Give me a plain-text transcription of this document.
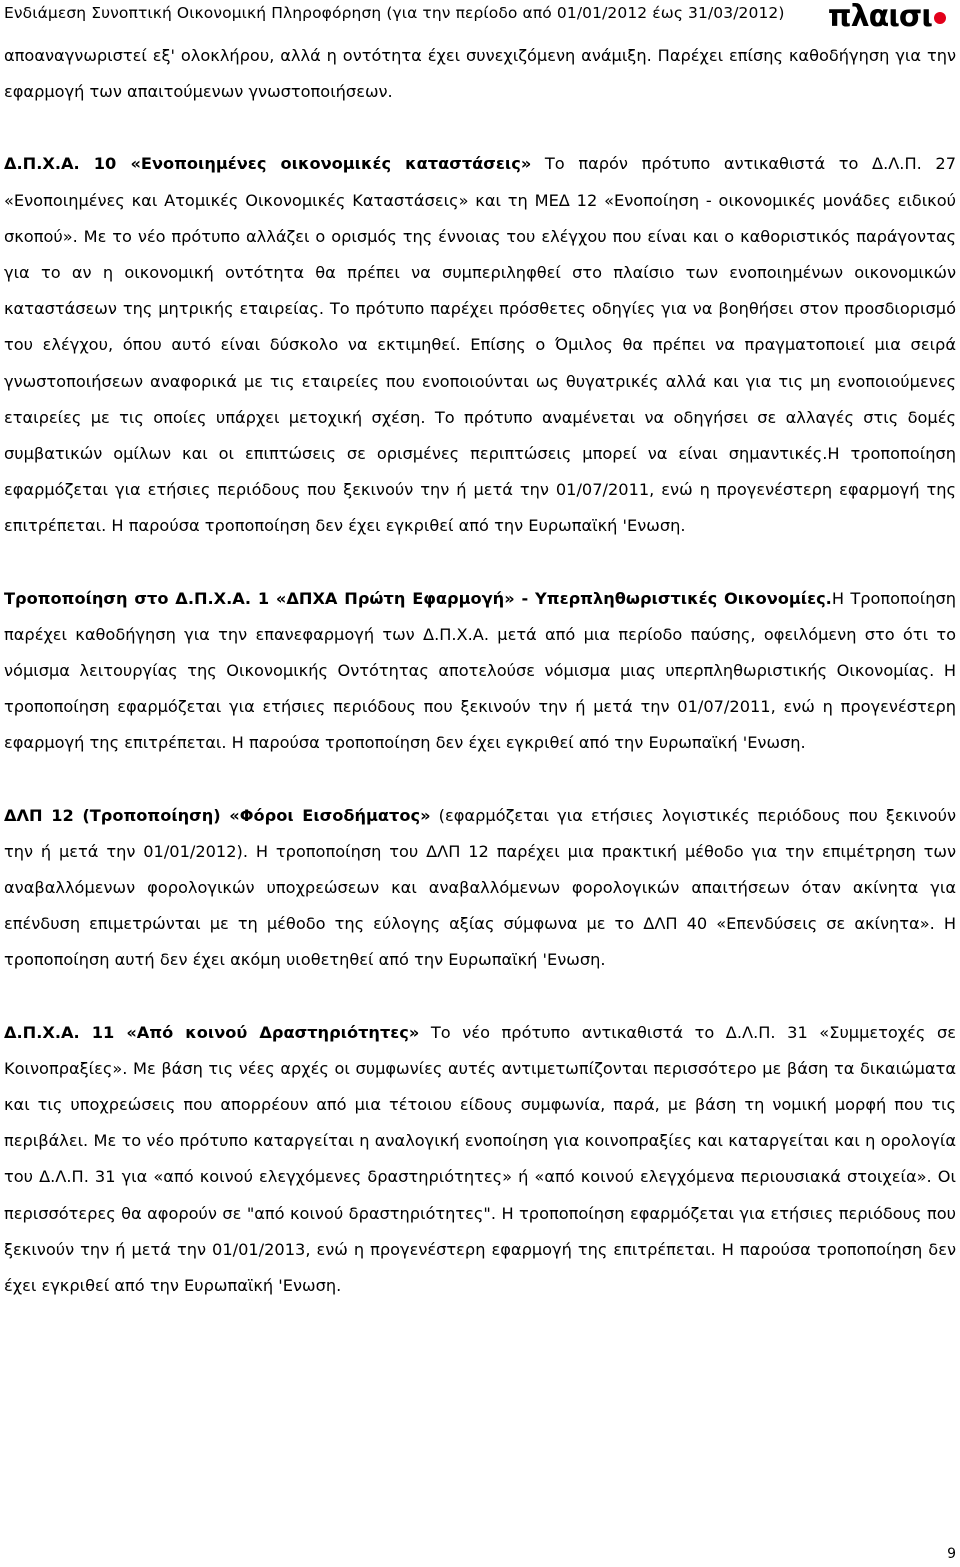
Ενδιάμεση Συνοπτική Οικονομική Πληροφόρηση (για την περίοδο από 01/01/2012 έως 31/03/2012) πλαισι

αποαναγνωριστεί εξ' ολοκλήρου, αλλά η οντότητα έχει συνεχιζόμενη ανάμιξη. Παρέχει επίσης καθοδήγηση για την εφαρμογή των απαιτούμενων γνωστοποιήσεων.

Δ.Π.Χ.Α. 10 «Ενοποιημένες οικονομικές καταστάσεις» Το παρόν πρότυπο αντικαθιστά το Δ.Λ.Π. 27 «Ενοποιημένες και Ατομικές Οικονομικές Καταστάσεις» και τη ΜΕΔ 12 «Ενοποίηση - οικονομικές μονάδες ειδικού σκοπού». Με το νέο πρότυπο αλλάζει ο ορισμός της έννοιας του ελέγχου που είναι και ο καθοριστικός παράγοντας για το αν η οικονομική οντότητα θα πρέπει να συμπεριληφθεί στο πλαίσιο των ενοποιημένων οικονομικών καταστάσεων της μητρικής εταιρείας. Το πρότυπο παρέχει πρόσθετες οδηγίες για να βοηθήσει στον προσδιορισμό του ελέγχου, όπου αυτό είναι δύσκολο να εκτιμηθεί. Επίσης ο Όμιλος θα πρέπει να πραγματοποιεί μια σειρά γνωστοποιήσεων αναφορικά με τις εταιρείες που ενοποιούνται ως θυγατρικές αλλά και για τις μη ενοποιούμενες εταιρείες με τις οποίες υπάρχει μετοχική σχέση. Το πρότυπο αναμένεται να οδηγήσει σε αλλαγές στις δομές συμβατικών ομίλων και οι επιπτώσεις σε ορισμένες περιπτώσεις μπορεί να είναι σημαντικές.Η τροποποίηση εφαρμόζεται για ετήσιες περιόδους που ξεκινούν την ή μετά την 01/07/2011, ενώ η προγενέστερη εφαρμογή της επιτρέπεται. Η παρούσα τροποποίηση δεν έχει εγκριθεί από την Ευρωπαϊκή 'Ενωση.

Τροποποίηση στο Δ.Π.Χ.Α. 1 «ΔΠΧΑ Πρώτη Εφαρμογή» - Υπερπληθωριστικές Οικονομίες.Η Τροποποίηση παρέχει καθοδήγηση για την επανεφαρμογή των Δ.Π.Χ.Α. μετά από μια περίοδο παύσης, οφειλόμενη στο ότι το νόμισμα λειτουργίας της Οικονομικής Οντότητας αποτελούσε νόμισμα μιας υπερπληθωριστικής Οικονομίας. Η τροποποίηση εφαρμόζεται για ετήσιες περιόδους που ξεκινούν την ή μετά την 01/07/2011, ενώ η προγενέστερη εφαρμογή της επιτρέπεται. Η παρούσα τροποποίηση δεν έχει εγκριθεί από την Ευρωπαϊκή 'Ενωση.

ΔΛΠ 12 (Τροποποίηση) «Φόροι Εισοδήματος» (εφαρμόζεται για ετήσιες λογιστικές περιόδους που ξεκινούν την ή μετά την 01/01/2012). Η τροποποίηση του ΔΛΠ 12 παρέχει μια πρακτική μέθοδο για την επιμέτρηση των αναβαλλόμενων φορολογικών υποχρεώσεων και αναβαλλόμενων φορολογικών απαιτήσεων όταν ακίνητα για επένδυση επιμετρώνται με τη μέθοδο της εύλογης αξίας σύμφωνα με το ΔΛΠ 40 «Επενδύσεις σε ακίνητα». Η τροποποίηση αυτή δεν έχει ακόμη υιοθετηθεί από την Ευρωπαϊκή 'Ενωση.

Δ.Π.Χ.Α. 11 «Από κοινού Δραστηριότητες» Το νέο πρότυπο αντικαθιστά το Δ.Λ.Π. 31 «Συμμετοχές σε Κοινοπραξίες». Με βάση τις νέες αρχές οι συμφωνίες αυτές αντιμετωπίζονται περισσότερο με βάση τα δικαιώματα και τις υποχρεώσεις που απορρέουν από μια τέτοιου είδους συμφωνία, παρά, με βάση τη νομική μορφή που τις περιβάλει. Με το νέο πρότυπο καταργείται η αναλογική ενοποίηση για κοινοπραξίες και καταργείται και η ορολογία του Δ.Λ.Π. 31 για «από κοινού ελεγχόμενες δραστηριότητες» ή «από κοινού ελεγχόμενα περιουσιακά στοιχεία». Οι περισσότερες θα αφορούν σε "από κοινού δραστηριότητες". Η τροποποίηση εφαρμόζεται για ετήσιες περιόδους που ξεκινούν την ή μετά την 01/01/2013, ενώ η προγενέστερη εφαρμογή της επιτρέπεται. Η παρούσα τροποποίηση δεν έχει εγκριθεί από την Ευρωπαϊκή 'Ενωση.

9
